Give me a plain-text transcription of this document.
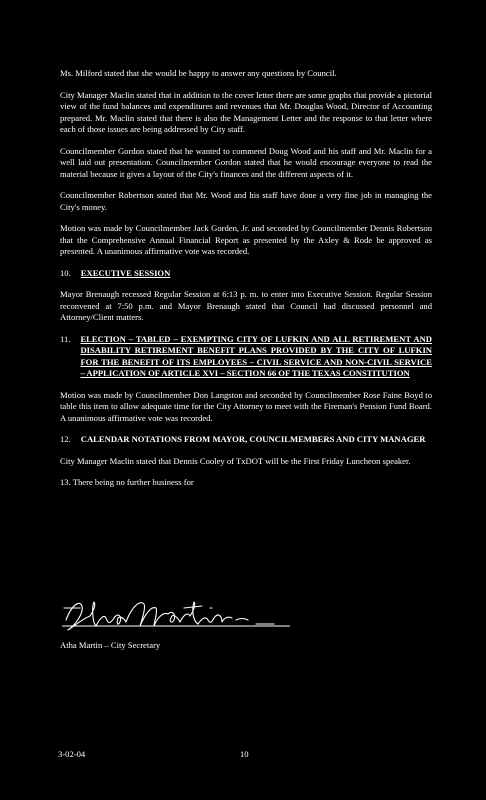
Ms. Milford stated that she would be happy to answer any questions by Council.

City Manager Maclin stated that in addition to the cover letter there are some graphs that provide a pictorial view of the fund balances and expenditures and revenues that Mr. Douglas Wood, Director of Accounting prepared. Mr. Maclin stated that there is also the Management Letter and the response to that letter where each of those issues are being addressed by City staff.

Councilmember Gordon stated that he wanted to commend Doug Wood and his staff and Mr. Maclin for a well laid out presentation. Councilmember Gordon stated that he would encourage everyone to read the material because it gives a layout of the City's finances and the different aspects of it.

Councilmember Robertson stated that Mr. Wood and his staff have done a very fine job in managing the City's money.

Motion was made by Councilmember Jack Gorden, Jr. and seconded by Councilmember Dennis Robertson that the Comprehensive Annual Financial Report as presented by the Axley & Rode be approved as presented. A unanimous affirmative vote was recorded.

10. EXECUTIVE SESSION

Mayor Brenaugh recessed Regular Session at 6:13 p. m. to enter into Executive Session. Regular Session reconvened at 7:50 p.m. and Mayor Brenaugh stated that Council had discussed personnel and Attorney/Client matters.

11. ELECTION – TABLED – EXEMPTING CITY OF LUFKIN AND ALL RETIREMENT AND DISABILITY RETIREMENT BENEFIT PLANS PROVIDED BY THE CITY OF LUFKIN FOR THE BENEFIT OF ITS EMPLOYEES – CIVIL SERVICE AND NON-CIVIL SERVICE – APPLICATION OF ARTICLE XVI – SECTION 66 OF THE TEXAS CONSTITUTION

Motion was made by Councilmember Don Langston and seconded by Councilmember Rose Faine Boyd to table this item to allow adequate time for the City Attorney to meet with the Fireman's Pension Fund Board. A unanimous affirmative vote was recorded.

12. CALENDAR NOTATIONS FROM MAYOR, COUNCILMEMBERS AND CITY MANAGER

City Manager Maclin stated that Dennis Cooley of TxDOT will be the First Friday Luncheon speaker.

13. There being no further business for

Atha Martin – City Secretary
3-02-04	10
